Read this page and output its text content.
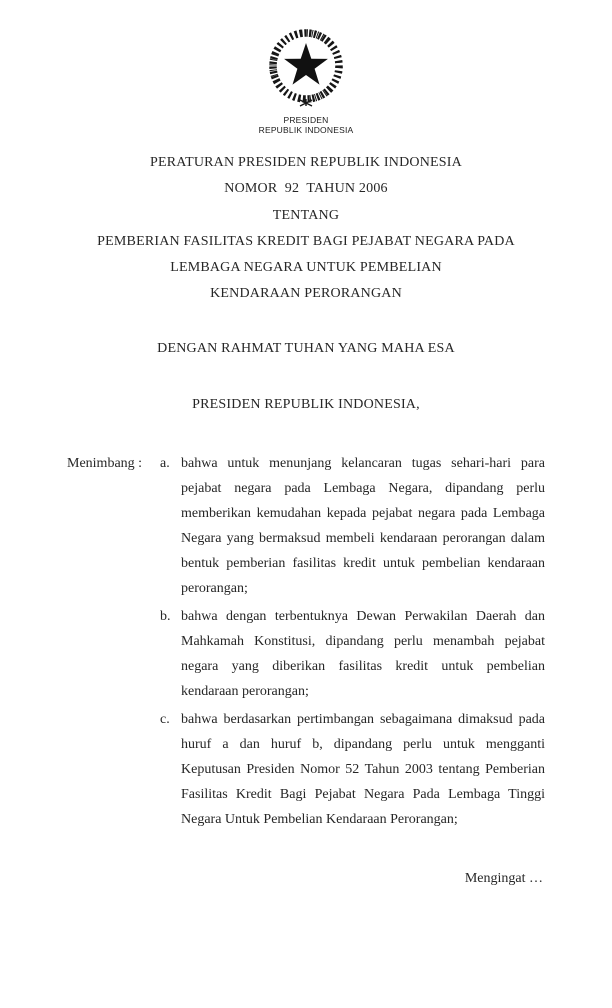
PRESIDEN
REPUBLIK INDONESIA
PERATURAN PRESIDEN REPUBLIK INDONESIA
NOMOR  92  TAHUN 2006
TENTANG
PEMBERIAN FASILITAS KREDIT BAGI PEJABAT NEGARA PADA
LEMBAGA NEGARA UNTUK PEMBELIAN
KENDARAAN PERORANGAN
DENGAN RAHMAT TUHAN YANG MAHA ESA
PRESIDEN REPUBLIK INDONESIA,
Menimbang :	a. bahwa untuk menunjang kelancaran tugas sehari-hari para pejabat negara pada Lembaga Negara, dipandang perlu memberikan kemudahan kepada pejabat negara pada Lembaga Negara yang bermaksud membeli kendaraan perorangan dalam bentuk pemberian fasilitas kredit untuk pembelian kendaraan perorangan;
b. bahwa dengan terbentuknya Dewan Perwakilan Daerah dan Mahkamah Konstitusi, dipandang perlu menambah pejabat negara yang diberikan fasilitas kredit untuk pembelian kendaraan perorangan;
c. bahwa berdasarkan pertimbangan sebagaimana dimaksud pada huruf a dan huruf b, dipandang perlu untuk mengganti Keputusan Presiden Nomor 52 Tahun 2003 tentang Pemberian Fasilitas Kredit Bagi Pejabat Negara Pada Lembaga Tinggi Negara Untuk Pembelian Kendaraan Perorangan;
Mengingat …
